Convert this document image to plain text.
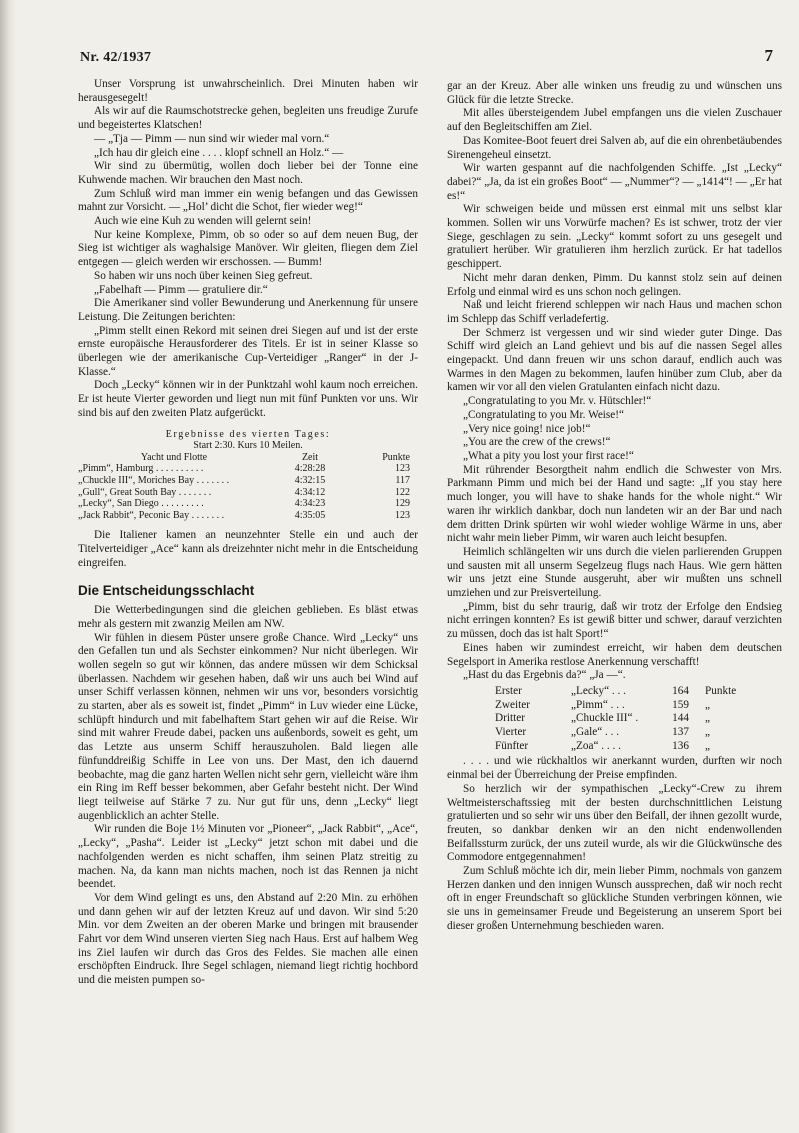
Nr. 42/1937	7

Unser Vorsprung ist unwahrscheinlich. Drei Minuten haben wir herausgesegelt!

Als wir auf die Raumschotstrecke gehen, begleiten uns freudige Zurufe und begeistertes Klatschen!

— „Tja — Pimm — nun sind wir wieder mal vorn.“

„Ich hau dir gleich eine . . . . klopf schnell an Holz.“ —

Wir sind zu übermütig, wollen doch lieber bei der Tonne eine Kuhwende machen. Wir brauchen den Mast noch.

Zum Schluß wird man immer ein wenig befangen und das Gewissen mahnt zur Vorsicht. — „Hol’ dicht die Schot, fier wieder weg!“

Auch wie eine Kuh zu wenden will gelernt sein!

Nur keine Komplexe, Pimm, ob so oder so auf dem neuen Bug, der Sieg ist wichtiger als waghalsige Manöver. Wir gleiten, fliegen dem Ziel entgegen — gleich werden wir erschossen. — Bumm!

So haben wir uns noch über keinen Sieg gefreut.

„Fabelhaft — Pimm — gratuliere dir.“

Die Amerikaner sind voller Bewunderung und Anerkennung für unsere Leistung. Die Zeitungen berichten:

„Pimm stellt einen Rekord mit seinen drei Siegen auf und ist der erste ernste europäische Herausforderer des Titels. Er ist in seiner Klasse so überlegen wie der amerikanische Cup-Verteidiger „Ranger“ in der J-Klasse.“

Doch „Lecky“ können wir in der Punktzahl wohl kaum noch erreichen. Er ist heute Vierter geworden und liegt nun mit fünf Punkten vor uns. Wir sind bis auf den zweiten Platz aufgerückt.

Ergebnisse des vierten Tages:
Start 2:30. Kurs 10 Meilen.
Yacht und Flotte	Zeit	Punkte
„Pimm“, Hamburg . . . . . . . . . .	4:28:28	123
„Chuckle III“, Moriches Bay . . . . . . .	4:32:15	117
„Gull“, Great South Bay . . . . . . .	4:34:12	122
„Lecky“, San Diego . . . . . . . . .	4:34:23	129
„Jack Rabbit“, Peconic Bay . . . . . . .	4:35:05	123

Die Italiener kamen an neunzehnter Stelle ein und auch der Titelverteidiger „Ace“ kann als dreizehnter nicht mehr in die Entscheidung eingreifen.

Die Entscheidungsschlacht

Die Wetterbedingungen sind die gleichen geblieben. Es bläst etwas mehr als gestern mit zwanzig Meilen am NW.

Wir fühlen in diesem Püster unsere große Chance. Wird „Lecky“ uns den Gefallen tun und als Sechster einkommen? Nur nicht überlegen. Wir wollen segeln so gut wir können, das andere müssen wir dem Schicksal überlassen. Nachdem wir gesehen haben, daß wir uns auch bei Wind auf unser Schiff verlassen können, nehmen wir uns vor, besonders vorsichtig zu starten, aber als es soweit ist, findet „Pimm“ in Luv wieder eine Lücke, schlüpft hindurch und mit fabelhaftem Start gehen wir auf die Reise. Wir sind mit wahrer Freude dabei, packen uns außenbords, soweit es geht, um das Letzte aus unserm Schiff herauszuholen. Bald liegen alle fünfunddreißig Schiffe in Lee von uns. Der Mast, den ich dauernd beobachte, mag die ganz harten Wellen nicht sehr gern, vielleicht wäre ihm ein Ring im Reff besser bekommen, aber Gefahr besteht nicht. Der Wind liegt teilweise auf Stärke 7 zu. Nur gut für uns, denn „Lecky“ liegt augenblicklich an achter Stelle.

Wir runden die Boje 1½ Minuten vor „Pioneer“, „Jack Rabbit“, „Ace“, „Lecky“, „Pasha“. Leider ist „Lecky“ jetzt schon mit dabei und die nachfolgenden werden es nicht schaffen, ihm seinen Platz streitig zu machen. Na, da kann man nichts machen, noch ist das Rennen ja nicht beendet.

Vor dem Wind gelingt es uns, den Abstand auf 2:20 Min. zu erhöhen und dann gehen wir auf der letzten Kreuz auf und davon. Wir sind 5:20 Min. vor dem Zweiten an der oberen Marke und bringen mit brausender Fahrt vor dem Wind unseren vierten Sieg nach Haus. Erst auf halbem Weg ins Ziel laufen wir durch das Gros des Feldes. Sie machen alle einen erschöpften Eindruck. Ihre Segel schlagen, niemand liegt richtig hochbord und die meisten pumpen so-

gar an der Kreuz. Aber alle winken uns freudig zu und wünschen uns Glück für die letzte Strecke.

Mit alles übersteigendem Jubel empfangen uns die vielen Zuschauer auf den Begleitschiffen am Ziel.

Das Komitee-Boot feuert drei Salven ab, auf die ein ohrenbetäubendes Sirenengeheul einsetzt.

Wir warten gespannt auf die nachfolgenden Schiffe. „Ist „Lecky“ dabei?“ „Ja, da ist ein großes Boot“ — „Nummer“? — „1414“! — „Er hat es!“

Wir schweigen beide und müssen erst einmal mit uns selbst klar kommen. Sollen wir uns Vorwürfe machen? Es ist schwer, trotz der vier Siege, geschlagen zu sein. „Lecky“ kommt sofort zu uns gesegelt und gratuliert herüber. Wir gratulieren ihm herzlich zurück. Er hat tadellos geschippert.

Nicht mehr daran denken, Pimm. Du kannst stolz sein auf deinen Erfolg und einmal wird es uns schon noch gelingen.

Naß und leicht frierend schleppen wir nach Haus und machen schon im Schlepp das Schiff verladefertig.

Der Schmerz ist vergessen und wir sind wieder guter Dinge. Das Schiff wird gleich an Land gehievt und bis auf die nassen Segel alles eingepackt. Und dann freuen wir uns schon darauf, endlich auch was Warmes in den Magen zu bekommen, laufen hinüber zum Club, aber da kamen wir vor all den vielen Gratulanten einfach nicht dazu.

„Congratulating to you Mr. v. Hütschler!“

„Congratulating to you Mr. Weise!“

„Very nice going! nice job!“

„You are the crew of the crews!“

„What a pity you lost your first race!“

Mit rührender Besorgtheit nahm endlich die Schwester von Mrs. Parkmann Pimm und mich bei der Hand und sagte: „If you stay here much longer, you will have to shake hands for the whole night.“ Wir waren ihr wirklich dankbar, doch nun landeten wir an der Bar und nach dem dritten Drink spürten wir wohl wieder wohlige Wärme in uns, aber nicht wahr mein lieber Pimm, wir waren auch leicht besupfen.

Heimlich schlängelten wir uns durch die vielen parlierenden Gruppen und sausten mit all unserm Segelzeug flugs nach Haus. Wie gern hätten wir uns jetzt eine Stunde ausgeruht, aber wir mußten uns schnell umziehen und zur Preisverteilung.

„Pimm, bist du sehr traurig, daß wir trotz der Erfolge den Endsieg nicht erringen konnten? Es ist gewiß bitter und schwer, darauf verzichten zu müssen, doch das ist halt Sport!“

Eines haben wir zumindest erreicht, wir haben dem deutschen Segelsport in Amerika restlose Anerkennung verschafft!

„Hast du das Ergebnis da?“ „Ja —“.

Erster	„Lecky“ . . .	164	Punkte
Zweiter	„Pimm“ . . .	159	„
Dritter	„Chuckle III“ .	144	„
Vierter	„Gale“ . . .	137	„
Fünfter	„Zoa“ . . . .	136	„

. . . . und wie rückhaltlos wir anerkannt wurden, durften wir noch einmal bei der Überreichung der Preise empfinden.

So herzlich wir der sympathischen „Lecky“-Crew zu ihrem Weltmeisterschaftssieg mit der besten durchschnittlichen Leistung gratulierten und so sehr wir uns über den Beifall, der ihnen gezollt wurde, freuten, so dankbar denken wir an den nicht endenwollenden Beifallssturm zurück, der uns zuteil wurde, als wir die Glückwünsche des Commodore entgegennahmen!

Zum Schluß möchte ich dir, mein lieber Pimm, nochmals von ganzem Herzen danken und den innigen Wunsch aussprechen, daß wir noch recht oft in enger Freundschaft so glückliche Stunden verbringen können, wie sie uns in gemeinsamer Freude und Begeisterung an unserem Sport bei dieser großen Unternehmung beschieden waren.
